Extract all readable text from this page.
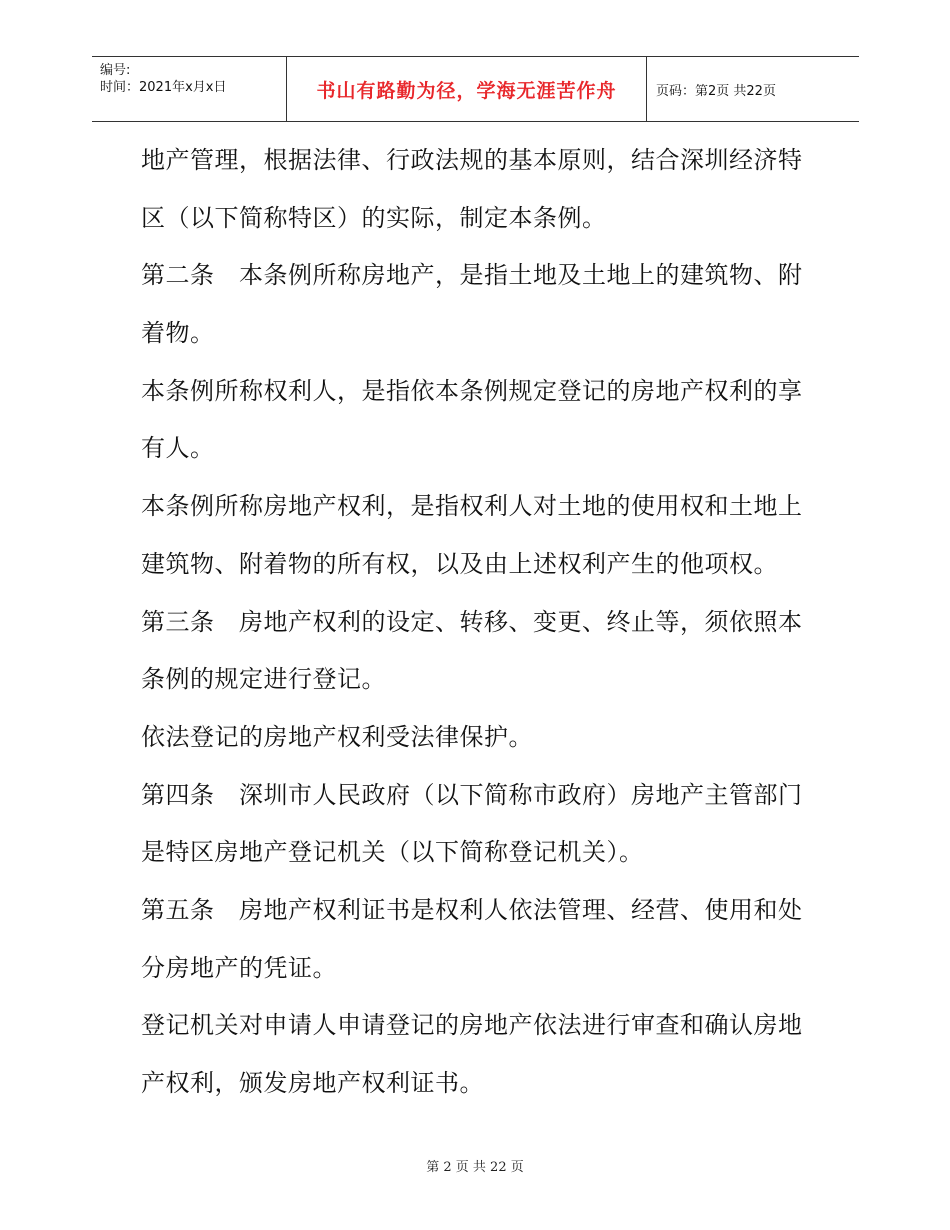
编号:
时间：2021年x月x日	书山有路勤为径，学海无涯苦作舟	页码：第2页 共22页
地产管理，根据法律、行政法规的基本原则，结合深圳经济特
区（以下简称特区）的实际，制定本条例。
第二条　本条例所称房地产，是指土地及土地上的建筑物、附
着物。
本条例所称权利人，是指依本条例规定登记的房地产权利的享
有人。
本条例所称房地产权利，是指权利人对土地的使用权和土地上
建筑物、附着物的所有权，以及由上述权利产生的他项权。
第三条　房地产权利的设定、转移、变更、终止等，须依照本
条例的规定进行登记。
依法登记的房地产权利受法律保护。
第四条　深圳市人民政府（以下简称市政府）房地产主管部门
是特区房地产登记机关（以下简称登记机关）。
第五条　房地产权利证书是权利人依法管理、经营、使用和处
分房地产的凭证。
登记机关对申请人申请登记的房地产依法进行审查和确认房地
产权利，颁发房地产权利证书。
第 2 页 共 22 页
